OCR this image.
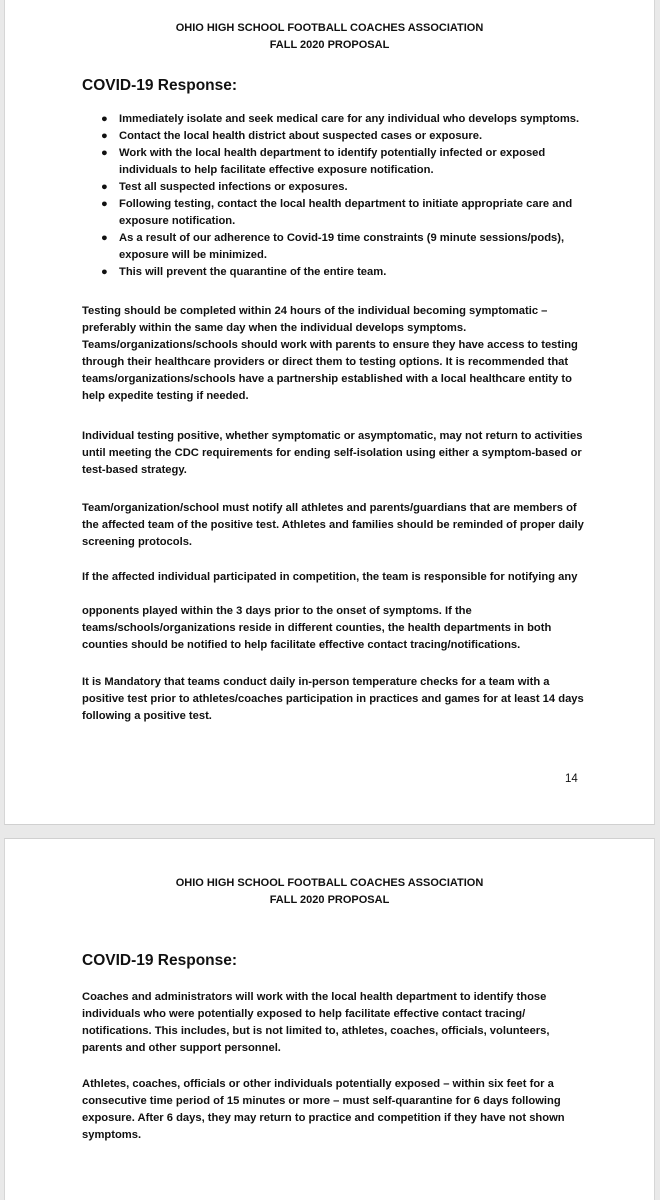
OHIO HIGH SCHOOL FOOTBALL COACHES ASSOCIATION
FALL 2020 PROPOSAL
COVID-19 Response:
● Immediately isolate and seek medical care for any individual who develops symptoms.
● Contact the local health district about suspected cases or exposure.
● Work with the local health department to identify potentially infected or exposed individuals to help facilitate effective exposure notification.
● Test all suspected infections or exposures.
● Following testing, contact the local health department to initiate appropriate care and exposure notification.
● As a result of our adherence to Covid-19 time constraints (9 minute sessions/pods), exposure will be minimized.
● This will prevent the quarantine of the entire team.

Testing should be completed within 24 hours of the individual becoming symptomatic – preferably within the same day when the individual develops symptoms. Teams/organizations/schools should work with parents to ensure they have access to testing through their healthcare providers or direct them to testing options. It is recommended that teams/organizations/schools have a partnership established with a local healthcare entity to help expedite testing if needed.

Individual testing positive, whether symptomatic or asymptomatic, may not return to activities until meeting the CDC requirements for ending self-isolation using either a symptom-based or test-based strategy.

Team/organization/school must notify all athletes and parents/guardians that are members of the affected team of the positive test. Athletes and families should be reminded of proper daily screening protocols.

If the affected individual participated in competition, the team is responsible for notifying any

opponents played within the 3 days prior to the onset of symptoms. If the teams/schools/organizations reside in different counties, the health departments in both counties should be notified to help facilitate effective contact tracing/notifications.

It is Mandatory that teams conduct daily in-person temperature checks for a team with a positive test prior to athletes/coaches participation in practices and games for at least 14 days following a positive test.

14
OHIO HIGH SCHOOL FOOTBALL COACHES ASSOCIATION
FALL 2020 PROPOSAL
COVID-19 Response:

Coaches and administrators will work with the local health department to identify those individuals who were potentially exposed to help facilitate effective contact tracing/ notifications. This includes, but is not limited to, athletes, coaches, officials, volunteers, parents and other support personnel.

Athletes, coaches, officials or other individuals potentially exposed – within six feet for a consecutive time period of 15 minutes or more – must self-quarantine for 6 days following exposure. After 6 days, they may return to practice and competition if they have not shown symptoms.
